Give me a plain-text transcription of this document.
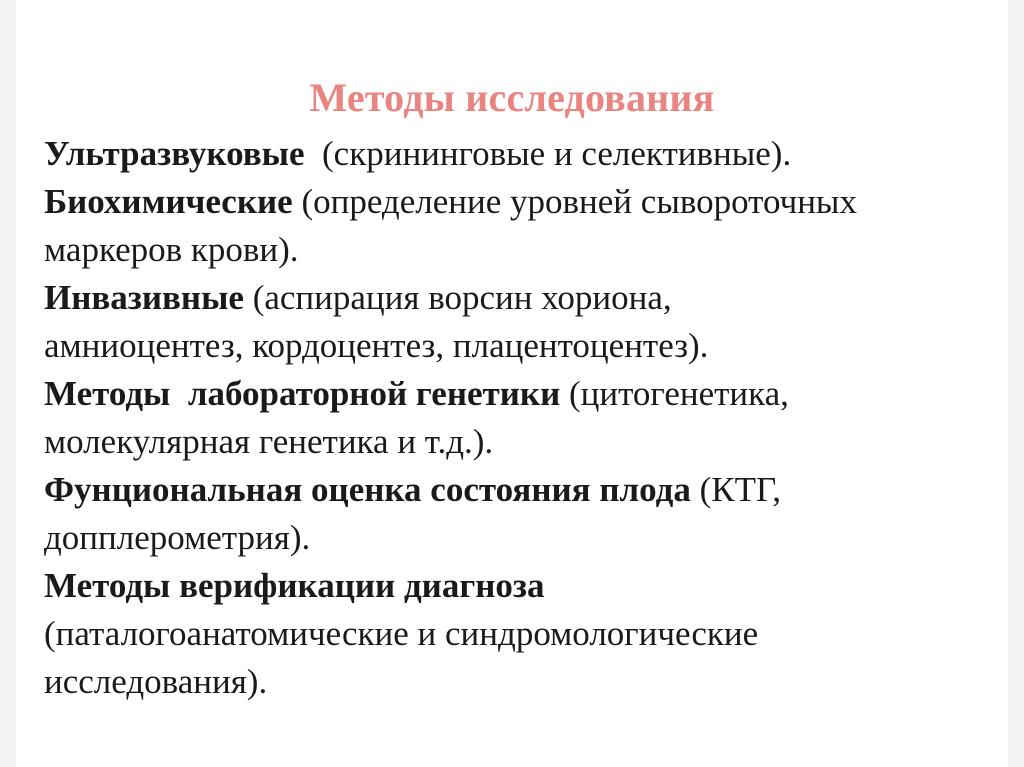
Методы исследования
Ультразвуковые  (скрининговые и селективные).
Биохимические (определение уровней сывороточных
маркеров крови).
Инвазивные (аспирация ворсин хориона,
амниоцентез, кордоцентез, плацентоцентез).
Методы  лабораторной генетики (цитогенетика,
молекулярная генетика и т.д.).
Фунциональная оценка состояния плода (КТГ,
допплерометрия).
Методы верификации диагноза
(паталогоанатомические и синдромологические
исследования).
